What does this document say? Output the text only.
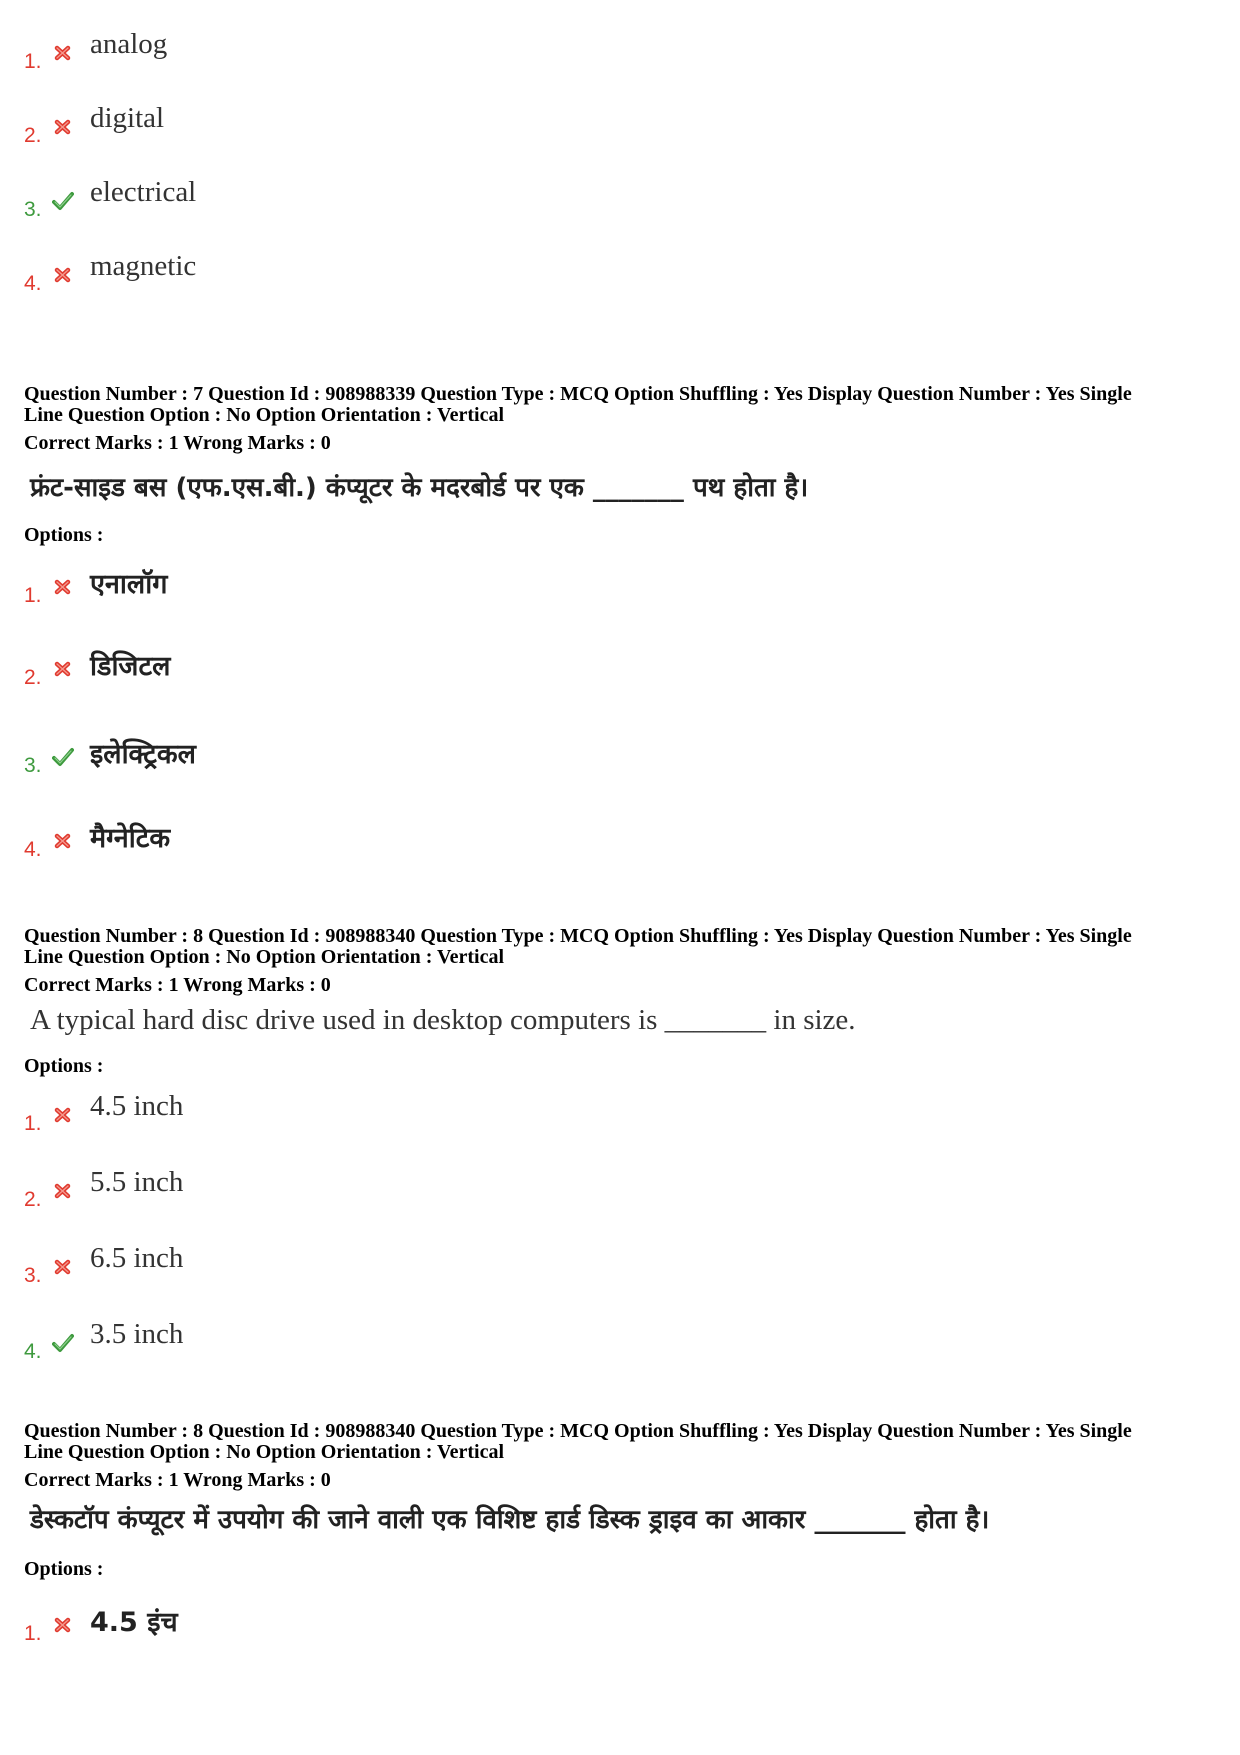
1.
analog
2.
digital
3.
electrical
4.
magnetic
Question Number : 7 Question Id : 908988339 Question Type : MCQ Option Shuffling : Yes Display Question Number : Yes Single
Line Question Option : No Option Orientation : Vertical
Correct Marks : 1 Wrong Marks : 0
फ्रंट-साइड बस (एफ.एस.बी.) कंप्यूटर के मदरबोर्ड पर एक _______ पथ होता है।
Options :
1. एनालॉग
2. डिजिटल
3. इलेक्ट्रिकल
4. मैग्नेटिक
Question Number : 8 Question Id : 908988340 Question Type : MCQ Option Shuffling : Yes Display Question Number : Yes Single
Line Question Option : No Option Orientation : Vertical
Correct Marks : 1 Wrong Marks : 0
A typical hard disc drive used in desktop computers is _______ in size.
Options :
1.
4.5 inch
2.
5.5 inch
3.
6.5 inch
4.
3.5 inch
Question Number : 8 Question Id : 908988340 Question Type : MCQ Option Shuffling : Yes Display Question Number : Yes Single
Line Question Option : No Option Orientation : Vertical
Correct Marks : 1 Wrong Marks : 0
डेस्कटॉप कंप्यूटर में उपयोग की जाने वाली एक विशिष्ट हार्ड डिस्क ड्राइव का आकार _______ होता है।
Options :
1. 4.5 इंच
